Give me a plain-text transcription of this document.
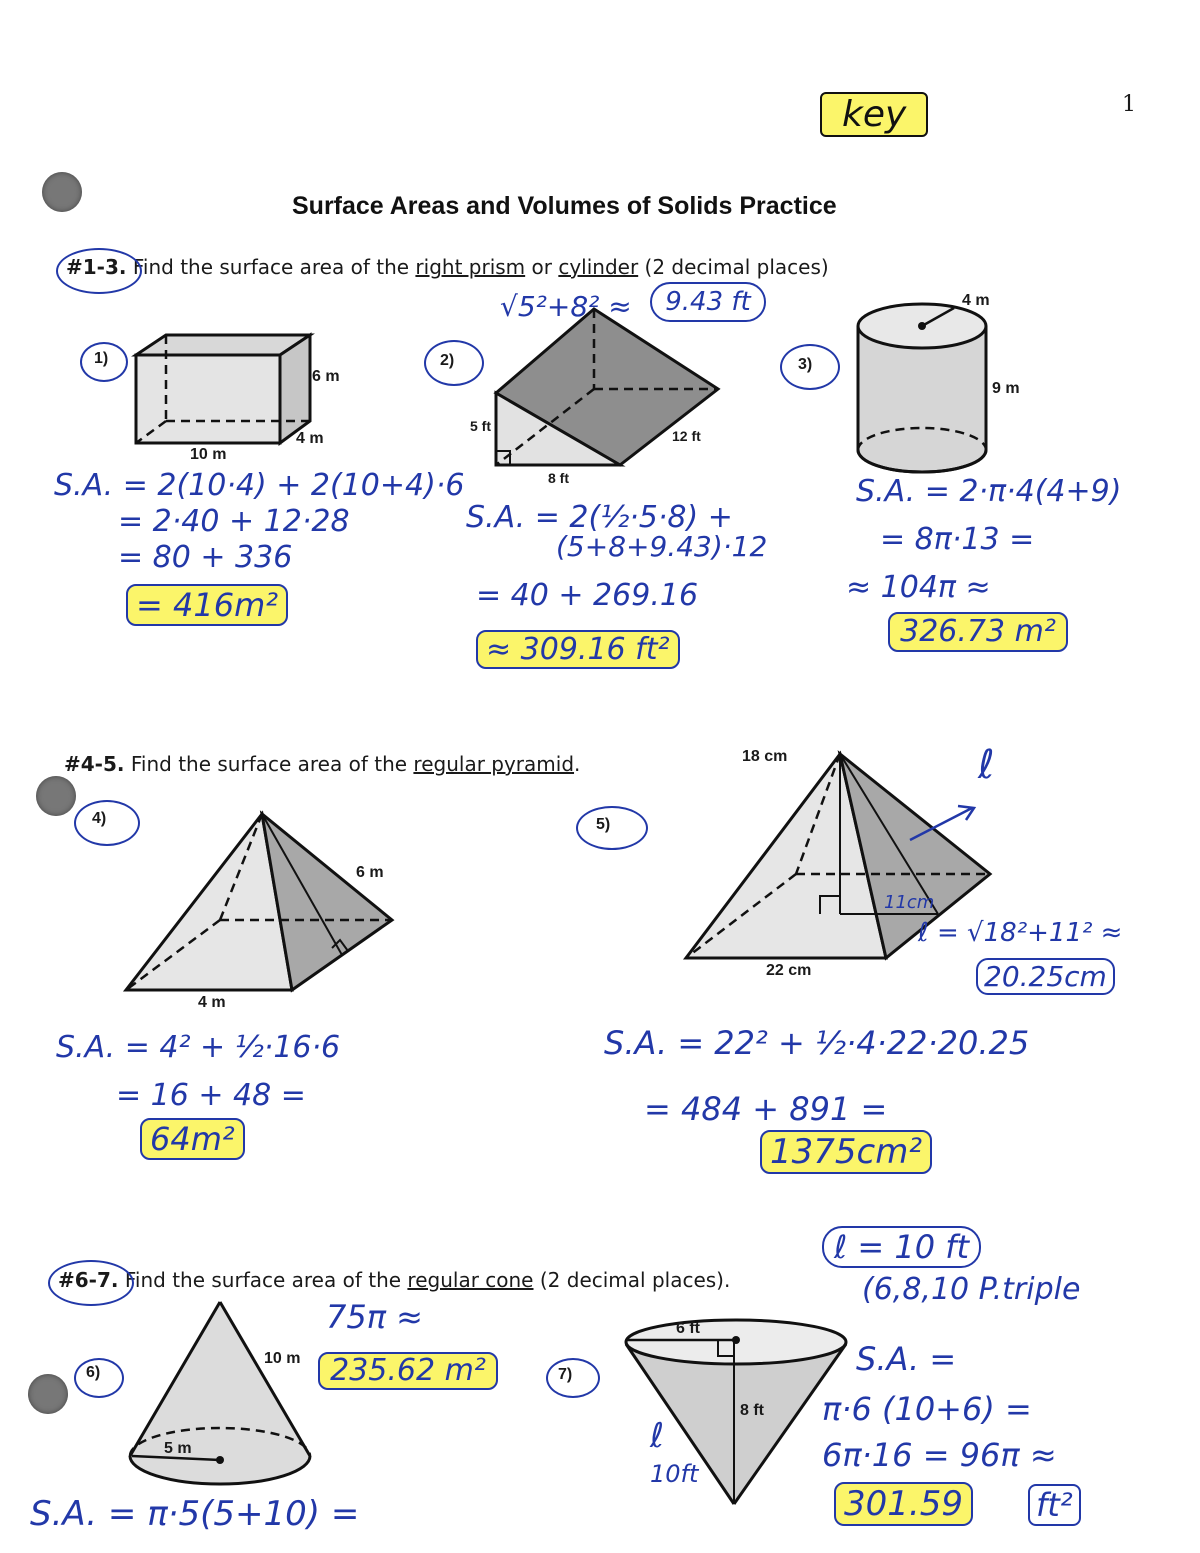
1
key
Surface Areas and Volumes of Solids Practice
#1-3. Find the surface area of the right prism or cylinder (2 decimal places)
1)
6 m
4 m
10 m
S.A. = 2(10·4) + 2(10+4)·6
= 2·40 + 12·28
= 80 + 336
= 416m²
√5²+8² ≈	9.43 ft
2)
5 ft
8 ft
12 ft
S.A. = 2(½·5·8) +
(5+8+9.43)·12
= 40 + 269.16
≈ 309.16 ft²
3)
4 m
9 m
S.A. = 2·π·4(4+9)
= 8π·13 =
≈ 104π ≈
326.73 m²
#4-5. Find the surface area of the regular pyramid.
4)
6 m
4 m
S.A. = 4² + ½·16·6
= 16 + 48 =
64m²
5)
18 cm
22 cm
11cm
ℓ
ℓ = √18²+11² ≈
20.25cm
S.A. = 22² + ½·4·22·20.25
= 484 + 891 =
1375cm²
#6-7. Find the surface area of the regular cone (2 decimal places).
6)
10 m
5 m
75π ≈
235.62 m²
S.A. = π·5(5+10) =
7)
6 ft
8 ft
ℓ
10ft
ℓ = 10 ft
(6,8,10 P.triple
S.A. =
π·6 (10+6) =
6π·16 = 96π ≈
301.59	ft²
